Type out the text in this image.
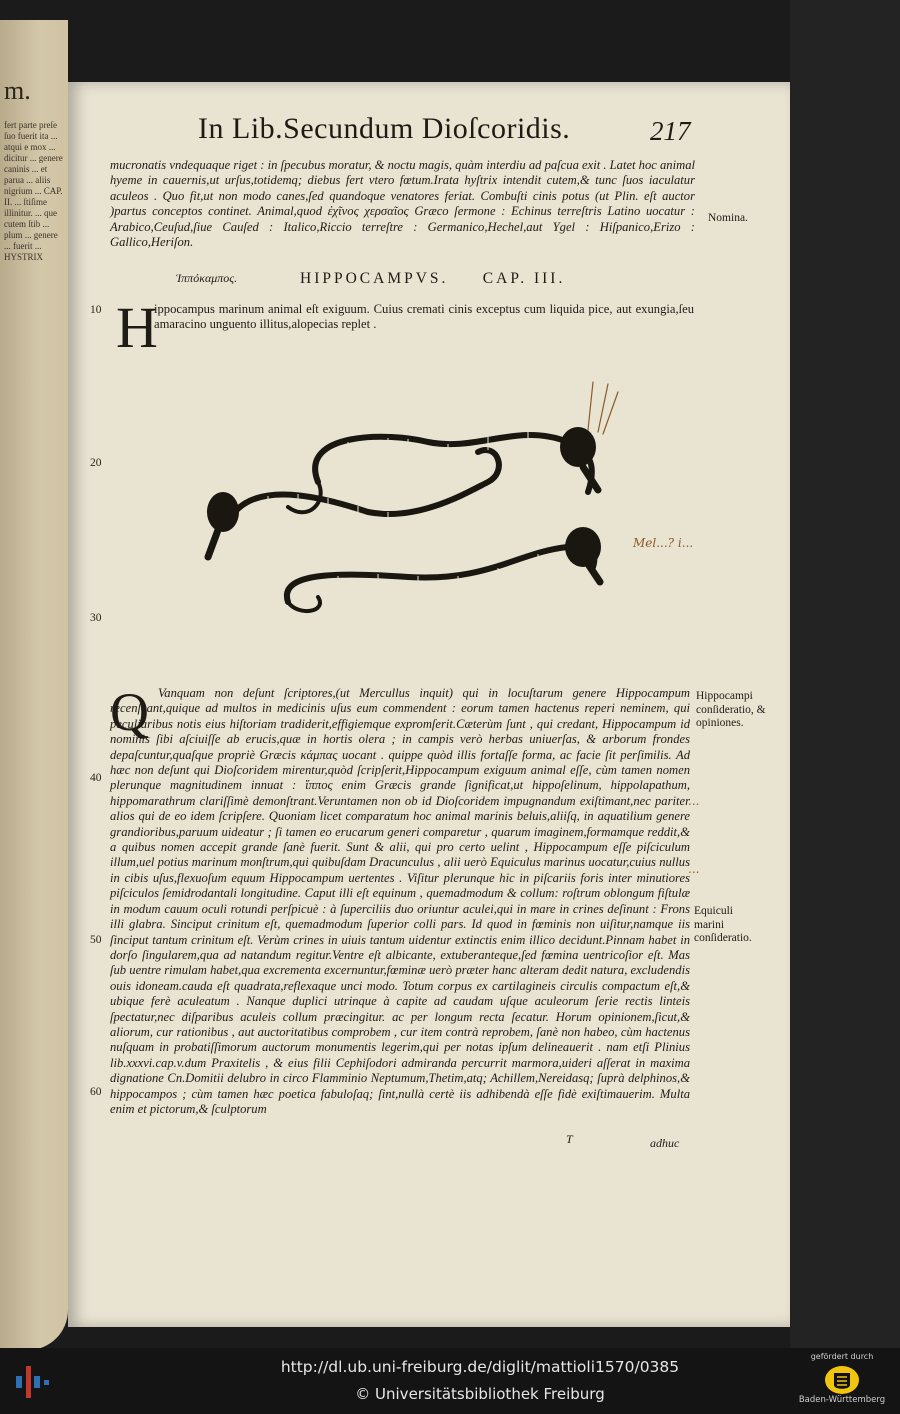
m.
fert parte preſe ſuo fuerit ita ... atqui e mox ... dicitur ... genere caninis ... et parua ... aliis nigrium ... CAP. II. ... ſtiſime illinitur. ... que cutem ſtib ... plum ... genere ... fuerit ... HYSTRIX
In Lib.Secundum Dioſcoridis.	217
mucronatis vndequaque riget : in ſpecubus moratur, & noctu magis, quàm interdiu ad paſcua exit . Latet hoc animal hyeme in cauernis,ut urſus,totidemq; diebus fert vtero fœtum.Irata hyſtrix intendit cutem,& tunc ſuos iaculatur aculeos . Quo fit,ut non modo canes,ſed quandoque venatores feriat. Combuſti cinis potus (ut Plin. eſt auctor )partus conceptos continet. Animal,quod ἐχῖνος χερσαῖος Græco ſermone : Echinus terreſtris Latino uocatur : Arabico,Ceuſud,ſiue Cauſed : Italico,Riccio terreſtre : Germanico,Hechel,aut Ygel : Hiſpanico,Erizo : Gallico,Heriſon.
Nomina.
Ἱππόκαμπος.	HIPPOCAMPVS.     CAP. III.
H
ippocampus marinum animal eſt exiguum. Cuius cremati cinis exceptus cum liquida pice, aut exungia,ſeu amaracino unguento illitus,alopecias replet .
Mel...? i...
...
...
Q Vanquam non deſunt ſcriptores,(ut Mercullus inquit) qui in locuſtarum genere Hippocampum recenſeant,quique ad multos in medicinis uſus eum commendent : eorum tamen hactenus reperi neminem, qui peculiaribus notis eius hiſtoriam tradiderit,effigiemque expromſerit.Cæterùm ſunt , qui credant, Hippocampum id nominis ſibi aſciuiſſe ab erucis,quæ in hortis olera ; in campis verò herbas uniuerſas, & arborum frondes depaſcuntur,quaſque propriè Græcis κάμπας uocant . quippe quòd illis fortaſſe forma, ac facie ſit perſimilis. Ad hæc non deſunt qui Dioſcoridem mirentur,quòd ſcripſerit,Hippocampum exiguum animal eſſe, cùm tamen nomen plerunque magnitudinem innuat : ἵππος enim Græcis grande ſignificat,ut hippoſelinum, hippolapathum, hippomarathrum clariſſimè demonſtrant.Veruntamen non ob id Dioſcoridem impugnandum exiſtimant,nec pariter alios qui de eo idem ſcripſere. Quoniam licet comparatum hoc animal marinis beluis,aliiſq, in aquatilium genere grandioribus,paruum uideatur ; ſi tamen eo erucarum generi comparetur , quarum imaginem,formamque reddit,& a quibus nomen accepit grande ſanè fuerit. Sunt & alii, qui pro certo uelint , Hippocampum eſſe piſciculum illum,uel potius marinum monſtrum,qui quibuſdam Dracunculus , alii uerò Equiculus marinus uocatur,cuius nullus in cibis uſus,flexuoſum equum Hippocampum uertentes . Viſitur plerunque hic in piſcariis foris inter minutiores piſciculos ſemidrodantali longitudine. Caput illi eſt equinum , quemadmodum & collum: roſtrum oblongum fiſtulæ in modum cauum oculi rotundi perſpicuè : à ſuperciliis duo oriuntur aculei,qui in mare in crines deſinunt : Frons illi glabra. Sinciput crinitum eſt, quemadmodum ſuperior colli pars. Id quod in fœminis non uiſitur,namque iis ſinciput tantum crinitum eſt. Verùm crines in uiuis tantum uidentur extinctis enim illico decidunt.Pinnam habet in dorſo ſingularem,qua ad natandum regitur.Ventre eſt albicante, extuberanteque,ſed fœmina uentricoſior eſt. Mas ſub uentre rimulam habet,qua excrementa excernuntur,fœminæ uerò præter hanc alteram dedit natura, excludendis ouis idoneam.cauda eſt quadrata,reflexaque unci modo. Totum corpus ex cartilagineis circulis compactum eſt,& ubique ferè aculeatum . Nanque duplici utrinque à capite ad caudam uſque aculeorum ſerie rectis linteis ſpectatur,nec diſparibus aculeis collum præcingitur. ac per longum recta ſecatur. Horum opinionem,ſicut,& aliorum, cur rationibus , aut auctoritatibus comprobem , cur item contrà reprobem, ſanè non habeo, cùm hactenus nuſquam in probatiſſimorum auctorum monumentis legerim,qui per notas ipſum delineauerit . nam etſi Plinius lib.xxxvi.cap.v.dum Praxitelis , & eius filii Cephiſodori admiranda percurrit marmora,uideri aſſerat in maxima dignatione Cn.Domitii delubro in circo Flamminio Neptumum,Thetim,atq; Achillem,Nereidasq; ſuprà delphinos,& hippocampos ; cùm tamen hæc poetica fabuloſaq; ſint,nullà certè iis adhibendà eſſe fidè exiſtimauerim. Multa enim et pictorum,& ſculptorum
Hippocampi conſideratio, & opiniones.
Equiculi marini conſideratio.
10
20
30
40
50
60
T	adhuc
http://dl.ub.uni-freiburg.de/diglit/mattioli1570/0385
© Universitätsbibliothek Freiburg
gefördert durch
Baden-Württemberg
